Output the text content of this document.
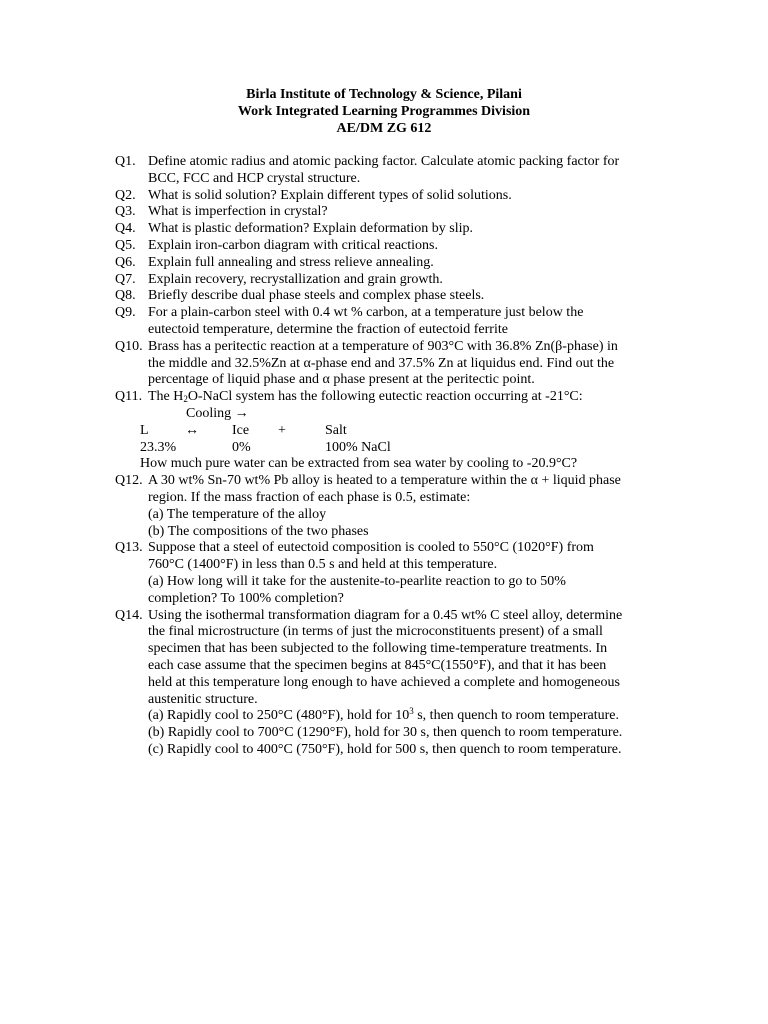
Birla Institute of Technology & Science, Pilani
Work Integrated Learning Programmes Division
AE/DM ZG 612
Q1. Define atomic radius and atomic packing factor. Calculate atomic packing factor for
BCC, FCC and HCP crystal structure.
Q2. What is solid solution? Explain different types of solid solutions.
Q3. What is imperfection in crystal?
Q4. What is plastic deformation? Explain deformation by slip.
Q5. Explain iron-carbon diagram with critical reactions.
Q6. Explain full annealing and stress relieve annealing.
Q7. Explain recovery, recrystallization and grain growth.
Q8. Briefly describe dual phase steels and complex phase steels.
Q9. For a plain-carbon steel with 0.4 wt % carbon, at a temperature just below the
eutectoid temperature, determine the fraction of eutectoid ferrite
Q10. Brass has a peritectic reaction at a temperature of 903°C with 36.8% Zn(β-phase) in
the middle and 32.5%Zn at α-phase end and 37.5% Zn at liquidus end. Find out the
percentage of liquid phase and α phase present at the peritectic point.
Q11. The $H_2O$-NaCl system has the following eutectic reaction occurring at -21°C:
Cooling →
L	↔ Ice +	Salt
23.3%	0%	100% NaCl
How much pure water can be extracted from sea water by cooling to -20.9°C?
Q12. A 30 wt% Sn-70 wt% Pb alloy is heated to a temperature within the α + liquid phase
region. If the mass fraction of each phase is 0.5, estimate:
(a) The temperature of the alloy
(b) The compositions of the two phases
Q13. Suppose that a steel of eutectoid composition is cooled to 550°C (1020°F) from
760°C (1400°F) in less than 0.5 s and held at this temperature.
(a) How long will it take for the austenite-to-pearlite reaction to go to 50%
completion? To 100% completion?
Q14. Using the isothermal transformation diagram for a 0.45 wt% C steel alloy, determine
the final microstructure (in terms of just the microconstituents present) of a small
specimen that has been subjected to the following time-temperature treatments. In
each case assume that the specimen begins at 845°C(1550°F), and that it has been
held at this temperature long enough to have achieved a complete and homogeneous
austenitic structure.
(a) Rapidly cool to 250°C (480°F), hold for $10^3$ s, then quench to room temperature.
(b) Rapidly cool to 700°C (1290°F), hold for 30 s, then quench to room temperature.
(c) Rapidly cool to 400°C (750°F), hold for 500 s, then quench to room temperature.
